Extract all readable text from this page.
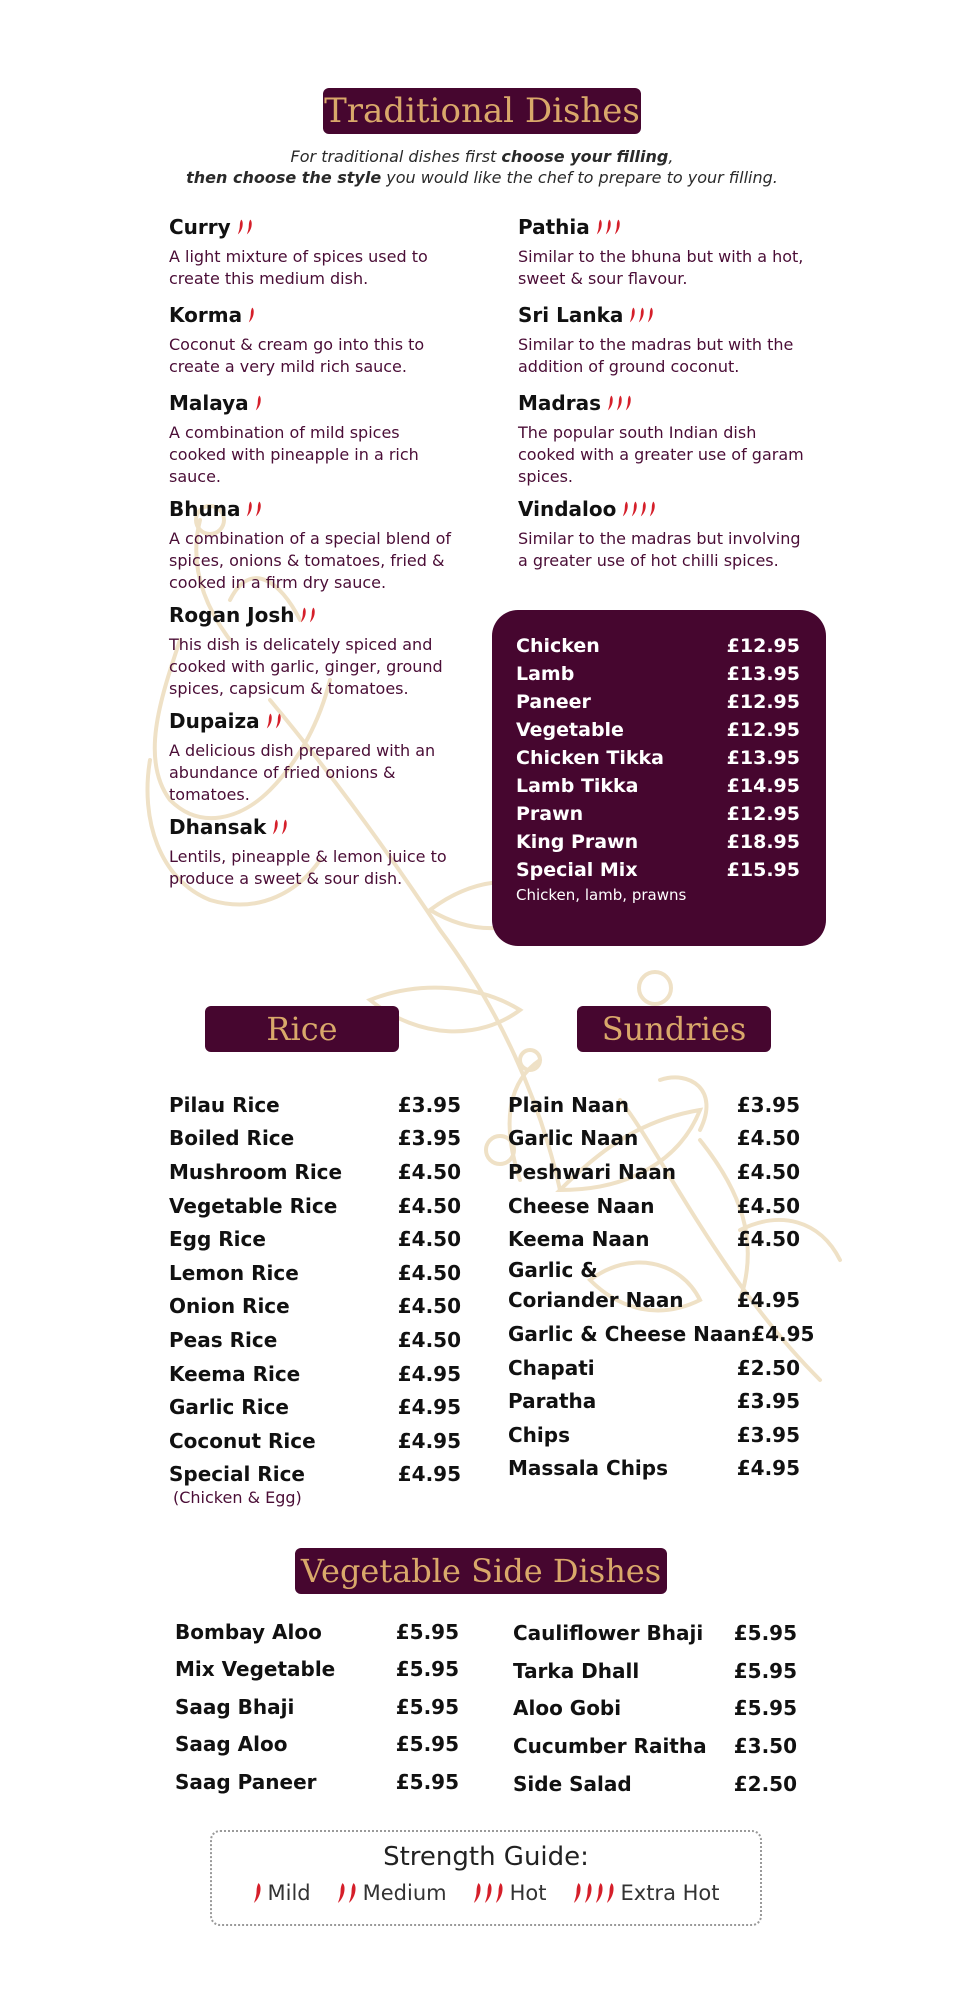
Traditional Dishes
For traditional dishes first choose your filling,
then choose the style you would like the chef to prepare to your filling.
Curry
A light mixture of spices used to
create this medium dish.
Korma
Coconut & cream go into this to
create a very mild rich sauce.
Malaya
A combination of mild spices
cooked with pineapple in a rich
sauce.
Bhuna
A combination of a special blend of
spices, onions & tomatoes, fried &
cooked in a firm dry sauce.
Rogan Josh
This dish is delicately spiced and
cooked with garlic, ginger, ground
spices, capsicum & tomatoes.
Dupaiza
A delicious dish prepared with an
abundance of fried onions &
tomatoes.
Dhansak
Lentils, pineapple & lemon juice to
produce a sweet & sour dish.
Pathia
Similar to the bhuna but with a hot,
sweet & sour flavour.
Sri Lanka
Similar to the madras but with the
addition of ground coconut.
Madras
The popular south Indian dish
cooked with a greater use of garam
spices.
Vindaloo
Similar to the madras but involving
a greater use of hot chilli spices.
Chicken	£12.95
Lamb	£13.95
Paneer	£12.95
Vegetable	£12.95
Chicken Tikka	£13.95
Lamb Tikka	£14.95
Prawn	£12.95
King Prawn	£18.95
Special Mix	£15.95
Chicken, lamb, prawns
Rice	Sundries
Pilau Rice	£3.95
Boiled Rice	£3.95
Mushroom Rice	£4.50
Vegetable Rice	£4.50
Egg Rice	£4.50
Lemon Rice	£4.50
Onion Rice	£4.50
Peas Rice	£4.50
Keema Rice	£4.95
Garlic Rice	£4.95
Coconut Rice	£4.95
Special Rice	£4.95
(Chicken & Egg)
Plain Naan	£3.95
Garlic Naan	£4.50
Peshwari Naan	£4.50
Cheese Naan	£4.50
Keema Naan	£4.50
Garlic &
Coriander Naan	£4.95
Garlic & Cheese Naan £4.95
Chapati	£2.50
Paratha	£3.95
Chips	£3.95
Massala Chips	£4.95
Vegetable Side Dishes
Bombay Aloo	£5.95
Mix Vegetable	£5.95
Saag Bhaji	£5.95
Saag Aloo	£5.95
Saag Paneer	£5.95
Cauliflower Bhaji £5.95
Tarka Dhall	£5.95
Aloo Gobi	£5.95
Cucumber Raitha £3.50
Side Salad	£2.50
Strength Guide:
Mild Medium	Hot	Extra Hot
